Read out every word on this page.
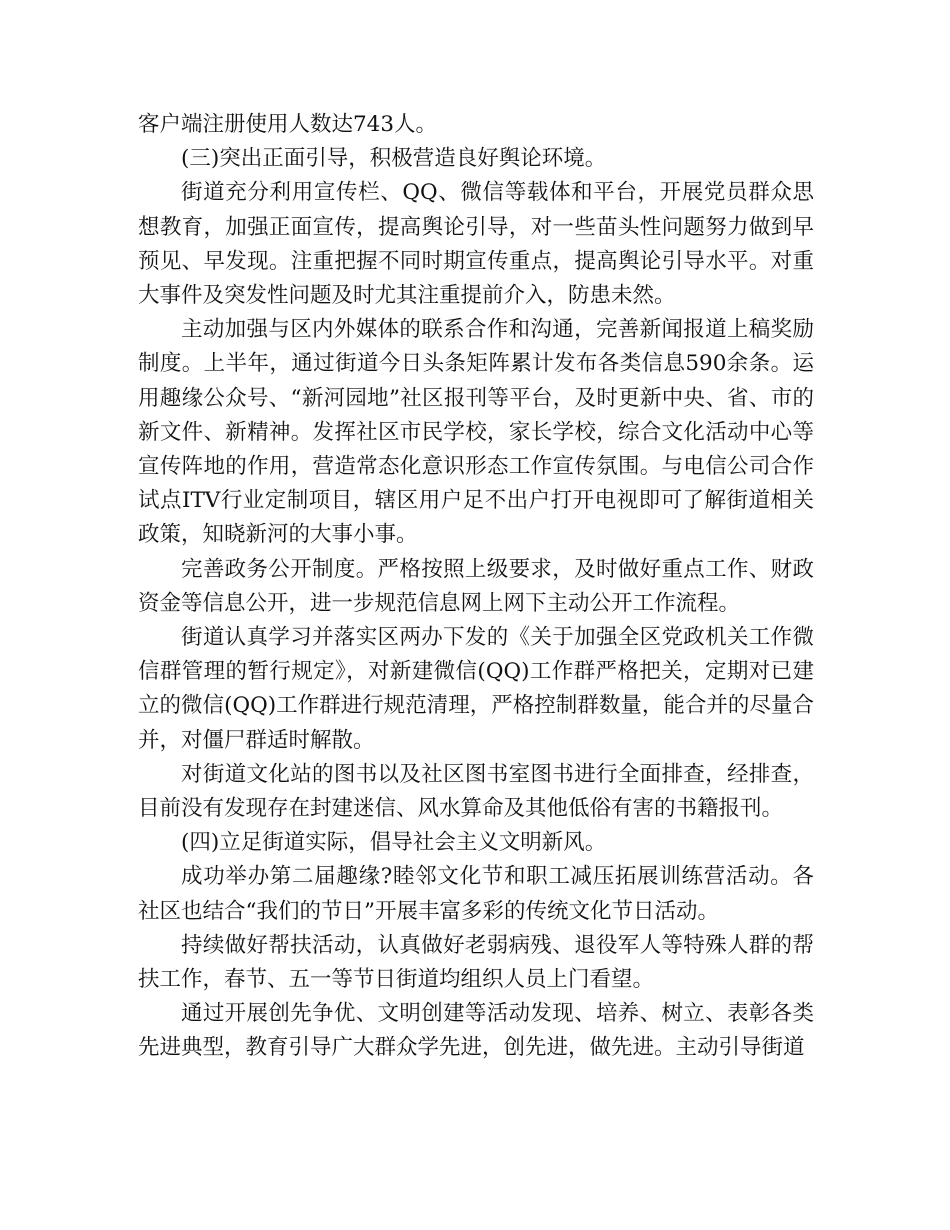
客户端注册使用人数达743人。

(三)突出正面引导，积极营造良好舆论环境。

街道充分利用宣传栏、QQ、微信等载体和平台，开展党员群众思想教育，加强正面宣传，提高舆论引导，对一些苗头性问题努力做到早预见、早发现。注重把握不同时期宣传重点，提高舆论引导水平。对重大事件及突发性问题及时尤其注重提前介入，防患未然。

主动加强与区内外媒体的联系合作和沟通，完善新闻报道上稿奖励制度。上半年，通过街道今日头条矩阵累计发布各类信息590余条。运用趣缘公众号、“新河园地”社区报刊等平台，及时更新中央、省、市的新文件、新精神。发挥社区市民学校，家长学校，综合文化活动中心等宣传阵地的作用，营造常态化意识形态工作宣传氛围。与电信公司合作试点ITV行业定制项目，辖区用户足不出户打开电视即可了解街道相关政策，知晓新河的大事小事。

完善政务公开制度。严格按照上级要求，及时做好重点工作、财政资金等信息公开，进一步规范信息网上网下主动公开工作流程。

街道认真学习并落实区两办下发的《关于加强全区党政机关工作微信群管理的暂行规定》，对新建微信(QQ)工作群严格把关，定期对已建立的微信(QQ)工作群进行规范清理，严格控制群数量，能合并的尽量合并，对僵尸群适时解散。

对街道文化站的图书以及社区图书室图书进行全面排查，经排查，目前没有发现存在封建迷信、风水算命及其他低俗有害的书籍报刊。

(四)立足街道实际，倡导社会主义文明新风。

成功举办第二届趣缘?睦邻文化节和职工减压拓展训练营活动。各社区也结合“我们的节日”开展丰富多彩的传统文化节日活动。

持续做好帮扶活动，认真做好老弱病残、退役军人等特殊人群的帮扶工作，春节、五一等节日街道均组织人员上门看望。

通过开展创先争优、文明创建等活动发现、培养、树立、表彰各类先进典型，教育引导广大群众学先进，创先进，做先进。主动引导街道
